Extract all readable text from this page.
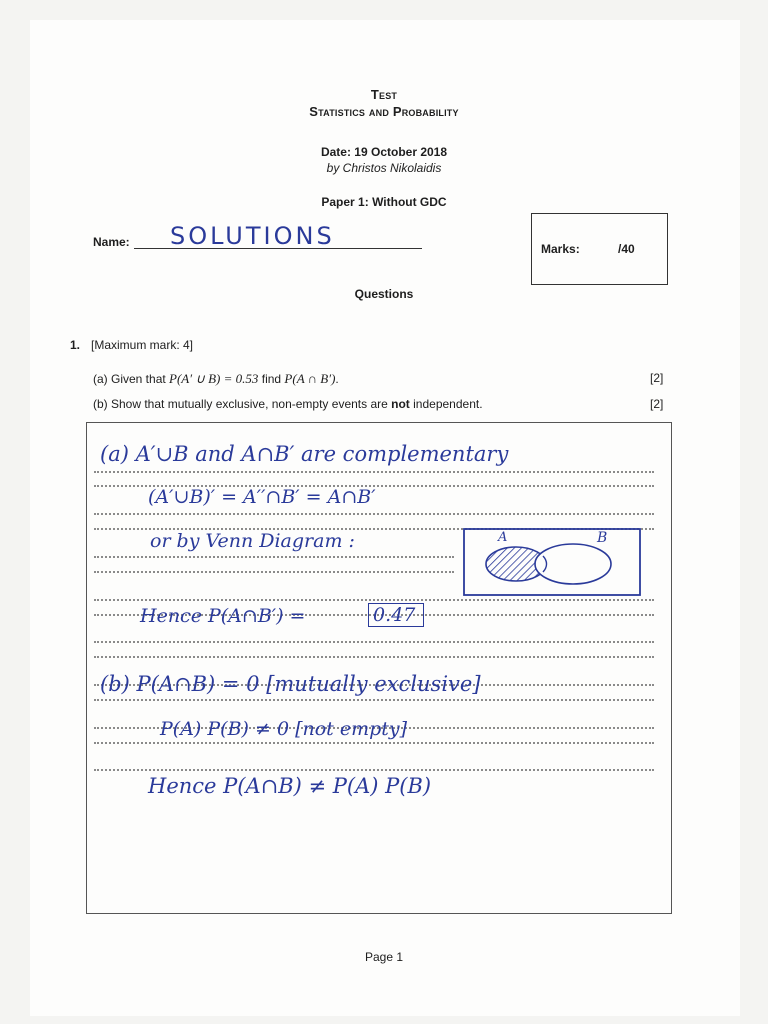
Test
Statistics and Probability
Date: 19 October 2018
by Christos Nikolaidis
Paper 1: Without GDC
Name: SOLUTIONS	Marks:	/40
Questions
1. [Maximum mark: 4]
(a) Given that P(A′ ∪ B) = 0.53 find P(A ∩ B′).	[2]
(b) Show that mutually exclusive, non-empty events are not independent.	[2]
(a) A′∪B and A∩B′ are complementary
(A′∪B)′ = A′′∩B′ = A∩B′
or by Venn Diagram :	A	B
Hence P(A∩B′) =	0.47
(b) P(A∩B) = 0 [mutually exclusive]
P(A) P(B) ≠ 0 [not empty]
Hence P(A∩B) ≠ P(A) P(B)
Page 1
